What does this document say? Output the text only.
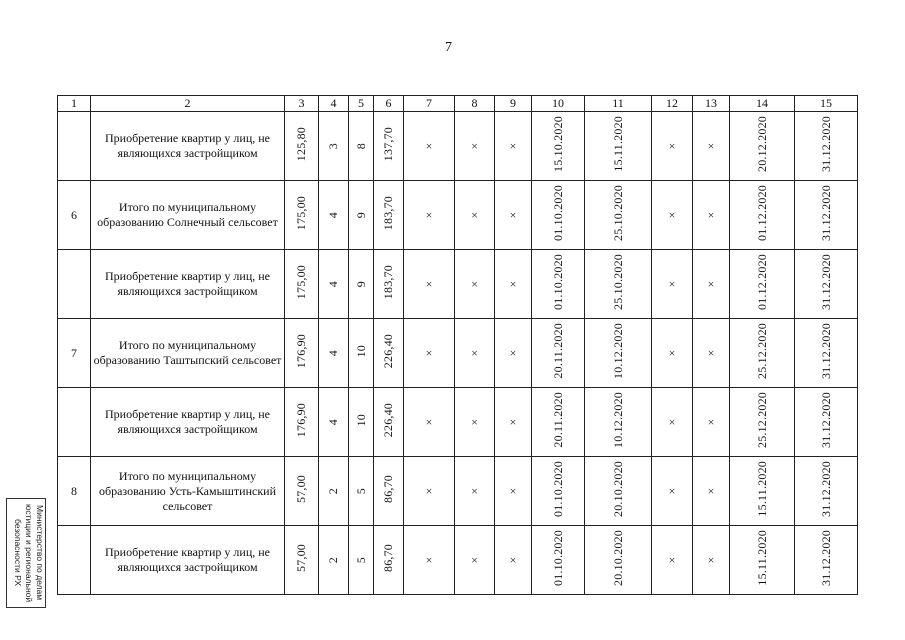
7
1	2	3	4	5	6	7	8	9	10	11	12	13	14	15
	Приобретение квартир у лиц, не являющихся застройщиком	125,80	3	8	137,70	×	×	×	15.10.2020	15.11.2020	×	×	20.12.2020	31.12.2020
6	Итого по муниципальному образованию Солнечный сельсовет	175,00	4	9	183,70	×	×	×	01.10.2020	25.10.2020	×	×	01.12.2020	31.12.2020
	Приобретение квартир у лиц, не являющихся застройщиком	175,00	4	9	183,70	×	×	×	01.10.2020	25.10.2020	×	×	01.12.2020	31.12.2020
7	Итого по муниципальному образованию Таштыпский сельсовет	176,90	4	10	226,40	×	×	×	20.11.2020	10.12.2020	×	×	25.12.2020	31.12.2020
	Приобретение квартир у лиц, не являющихся застройщиком	176,90	4	10	226,40	×	×	×	20.11.2020	10.12.2020	×	×	25.12.2020	31.12.2020
8	Итого по муниципальному образованию Усть-Камыштинский сельсовет	57,00	2	5	86,70	×	×	×	01.10.2020	20.10.2020	×	×	15.11.2020	31.12.2020
	Приобретение квартир у лиц, не являющихся застройщиком	57,00	2	5	86,70	×	×	×	01.10.2020	20.10.2020	×	×	15.11.2020	31.12.2020
Министерство по делам
юстиции и региональной
безопасности РХ
